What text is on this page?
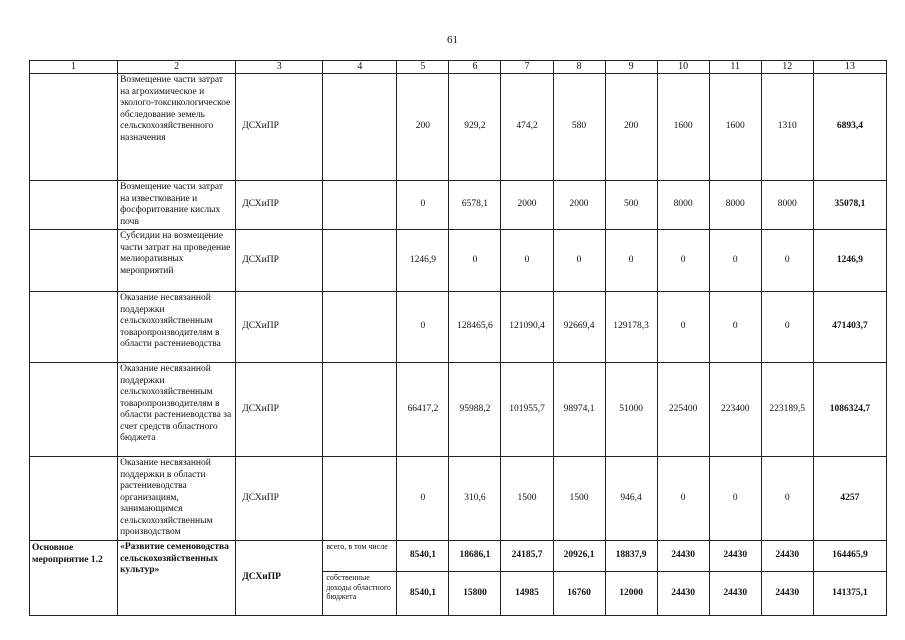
61
1	2	3	4	5	6	7	8	9	10	11	12	13
	Возмещение части затрат на агрохимическое и эколого-токсикологическое обследование земель сельскохозяйственного назначения	ДСХиПР		200	929,2	474,2	580	200	1600	1600	1310	6893,4
	Возмещение части затрат на известкование и фосфоритование кислых почв	ДСХиПР		0	6578,1	2000	2000	500	8000	8000	8000	35078,1
	Субсидии на возмещение части затрат на проведение мелиоративных мероприятий	ДСХиПР		1246,9	0	0	0	0	0	0	0	1246,9
	Оказание несвязанной поддержки сельскохозяйственным товаропроизводителям в области растениеводства	ДСХиПР		0	128465,6	121090,4	92669,4	129178,3	0	0	0	471403,7
	Оказание несвязанной поддержки сельскохозяйственным товаропроизводителям в области растениеводства за счет средств областного бюджета	ДСХиПР		66417,2	95988,2	101955,7	98974,1	51000	225400	223400	223189,5	1086324,7
	Оказание несвязанной поддержки в области растениеводства организациям, занимающимся сельскохозяйственным производством	ДСХиПР		0	310,6	1500	1500	946,4	0	0	0	4257
Основное мероприятие 1.2	«Развитие семеноводства сельскохозяйственных культур»	ДСХиПР	всего, в том числе	8540,1	18686,1	24185,7	20926,1	18837,9	24430	24430	24430	164465,9
			собственные доходы областного бюджета	8540,1	15800	14985	16760	12000	24430	24430	24430	141375,1
